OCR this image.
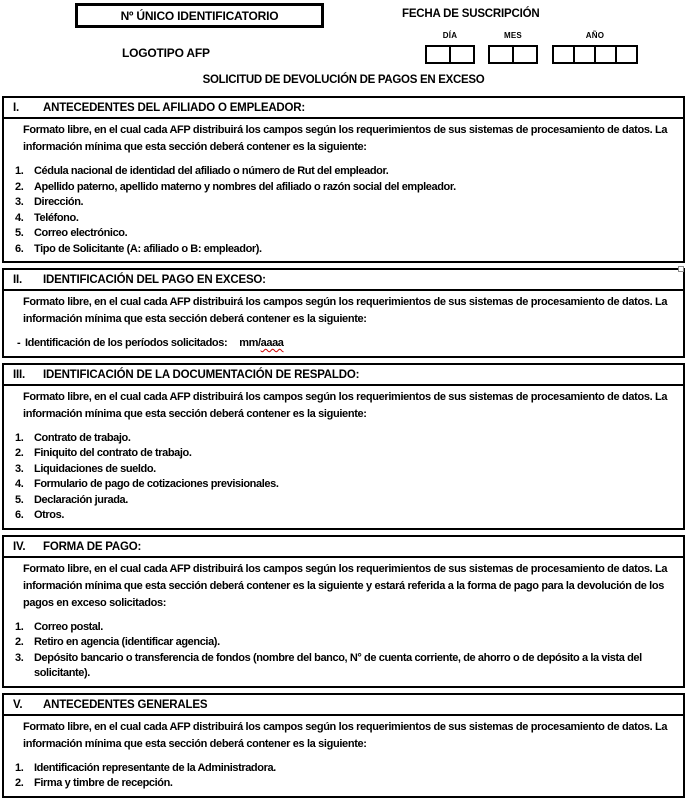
Nº ÚNICO IDENTIFICATORIO	FECHA DE SUSCRIPCIÓN
LOGOTIPO AFP
DÍA	MES	AÑO
SOLICITUD DE DEVOLUCIÓN DE PAGOS EN EXCESO
I.	ANTECEDENTES DEL AFILIADO O EMPLEADOR:
Formato libre, en el cual cada AFP distribuirá los campos según los requerimientos de sus sistemas de procesamiento de datos. La información mínima que esta sección deberá contener es la siguiente:
1. Cédula nacional de identidad del afiliado o número de Rut del empleador.
2. Apellido paterno, apellido materno y nombres del afiliado o razón social del empleador.
3. Dirección.
4. Teléfono.
5. Correo electrónico.
6. Tipo de Solicitante (A: afiliado o B: empleador).
II.	IDENTIFICACIÓN DEL PAGO EN EXCESO:
Formato libre, en el cual cada AFP distribuirá los campos según los requerimientos de sus sistemas de procesamiento de datos. La información mínima que esta sección deberá contener es la siguiente:
- Identificación de los períodos solicitados: mm/aaaa
III.	IDENTIFICACIÓN DE LA DOCUMENTACIÓN DE RESPALDO:
Formato libre, en el cual cada AFP distribuirá los campos según los requerimientos de sus sistemas de procesamiento de datos. La información mínima que esta sección deberá contener es la siguiente:
1. Contrato de trabajo.
2. Finiquito del contrato de trabajo.
3. Liquidaciones de sueldo.
4. Formulario de pago de cotizaciones previsionales.
5. Declaración jurada.
6. Otros.
IV.	FORMA DE PAGO:
Formato libre, en el cual cada AFP distribuirá los campos según los requerimientos de sus sistemas de procesamiento de datos. La información mínima que esta sección deberá contener es la siguiente y estará referida a la forma de pago para la devolución de los pagos en exceso solicitados:
1. Correo postal.
2. Retiro en agencia (identificar agencia).
3. Depósito bancario o transferencia de fondos (nombre del banco, N° de cuenta corriente, de ahorro o de depósito a la vista del solicitante).
V.	ANTECEDENTES GENERALES
Formato libre, en el cual cada AFP distribuirá los campos según los requerimientos de sus sistemas de procesamiento de datos. La información mínima que esta sección deberá contener es la siguiente:
1. Identificación representante de la Administradora.
2. Firma y timbre de recepción.
